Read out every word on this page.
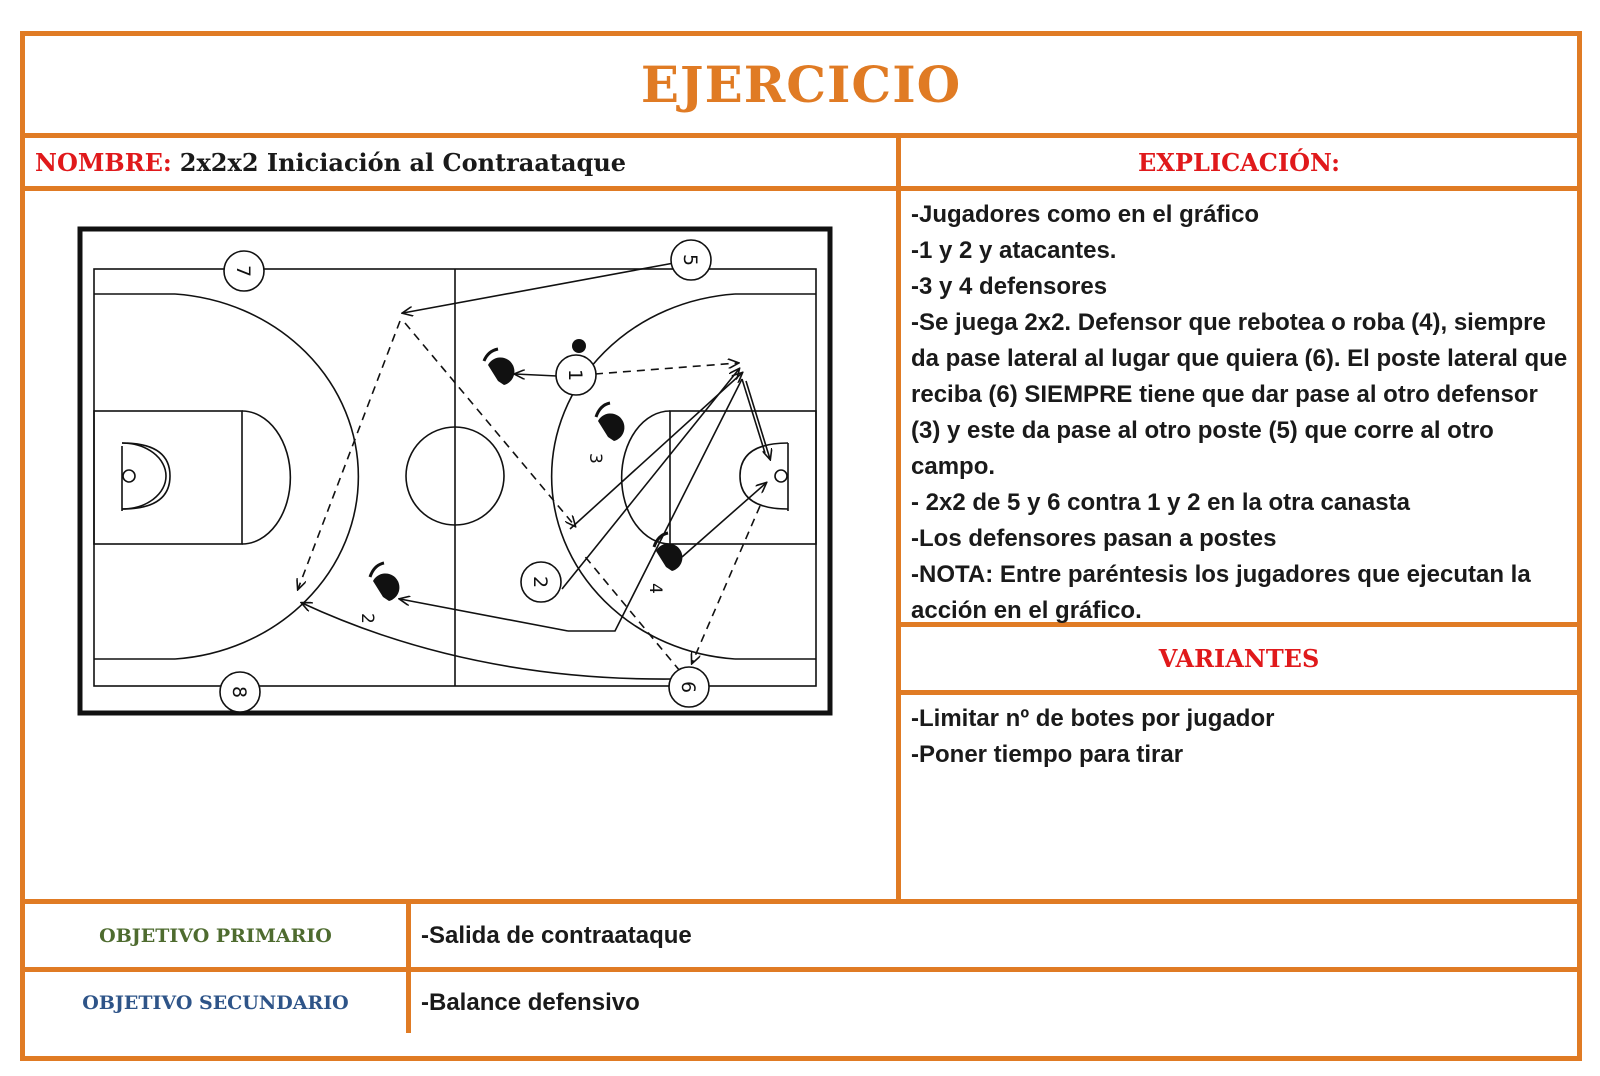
EJERCICIO
NOMBRE: 2x2x2 Iniciación al Contraataque	EXPLICACIÓN:
7
5
1
2
6
8
3
4
2
-Jugadores como en el gráfico
-1 y 2 y atacantes.
-3 y 4 defensores
-Se juega 2x2. Defensor que rebotea o roba (4), siempre da pase lateral al lugar que quiera (6). El poste lateral que reciba (6) SIEMPRE tiene que dar pase al otro defensor (3) y este da pase al otro poste (5) que corre al otro campo.
- 2x2 de 5 y 6 contra 1 y 2 en la otra canasta
-Los defensores pasan a postes
-NOTA: Entre paréntesis los jugadores que ejecutan la acción en el gráfico.
VARIANTES
-Limitar nº de botes por jugador
-Poner tiempo para tirar
OBJETIVO PRIMARIO	-Salida de contraataque
OBJETIVO SECUNDARIO	-Balance defensivo
